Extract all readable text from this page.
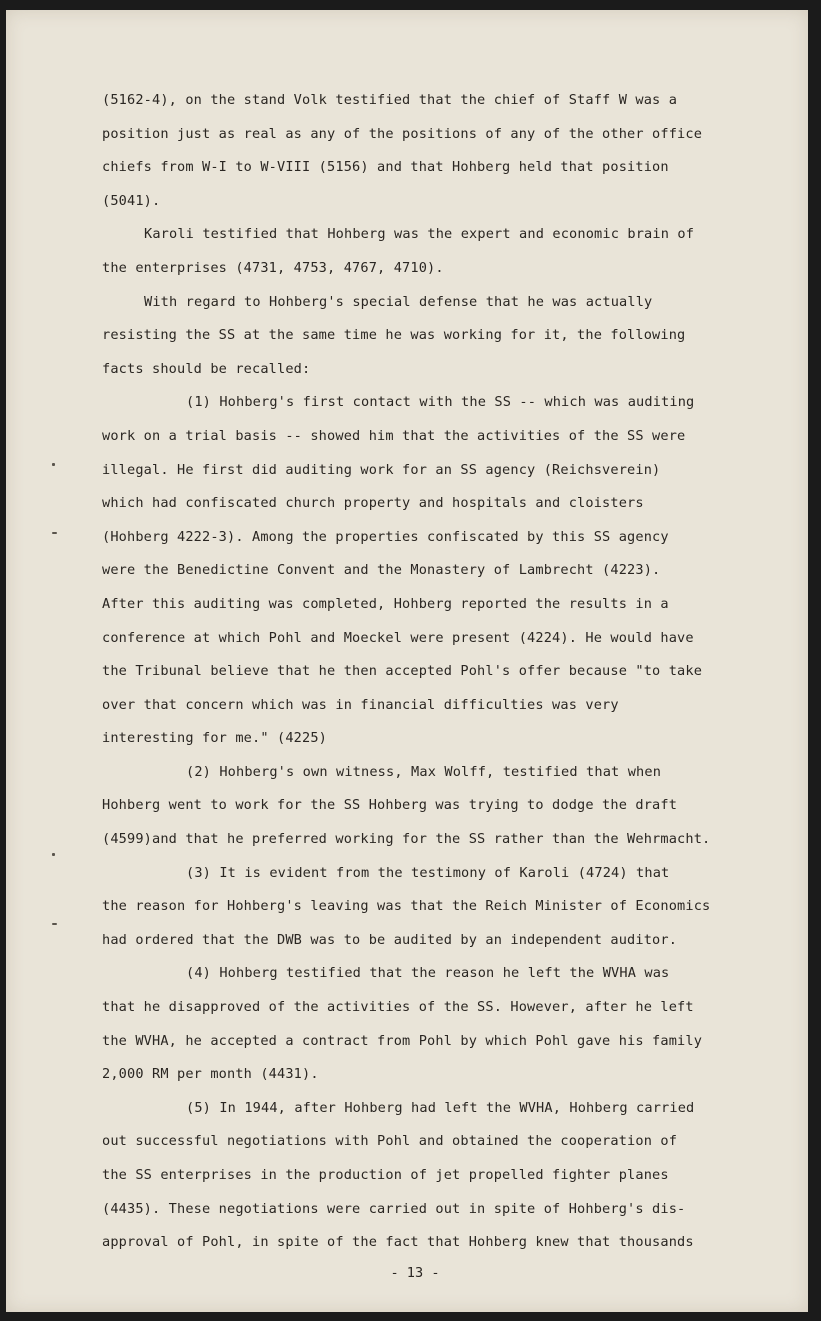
(5162-4), on the stand Volk testified that the chief of Staff W was a
position just as real as any of the positions of any of the other office
chiefs from W-I to W-VIII (5156) and that Hohberg held that position
(5041).
Karoli testified that Hohberg was the expert and economic brain of
the enterprises (4731, 4753, 4767, 4710).
With regard to Hohberg's special defense that he was actually
resisting the SS at the same time he was working for it, the following
facts should be recalled:
(1) Hohberg's first contact with the SS -- which was auditing
work on a trial basis -- showed him that the activities of the SS were
illegal. He first did auditing work for an SS agency (Reichsverein)
which had confiscated church property and hospitals and cloisters
(Hohberg 4222-3). Among the properties confiscated by this SS agency
were the Benedictine Convent and the Monastery of Lambrecht (4223).
After this auditing was completed, Hohberg reported the results in a
conference at which Pohl and Moeckel were present (4224). He would have
the Tribunal believe that he then accepted Pohl's offer because "to take
over that concern which was in financial difficulties was very
interesting for me." (4225)
(2) Hohberg's own witness, Max Wolff, testified that when
Hohberg went to work for the SS Hohberg was trying to dodge the draft
(4599)and that he preferred working for the SS rather than the Wehrmacht.
(3) It is evident from the testimony of Karoli (4724) that
the reason for Hohberg's leaving was that the Reich Minister of Economics
had ordered that the DWB was to be audited by an independent auditor.
(4) Hohberg testified that the reason he left the WVHA was
that he disapproved of the activities of the SS. However, after he left
the WVHA, he accepted a contract from Pohl by which Pohl gave his family
2,000 RM per month (4431).
(5) In 1944, after Hohberg had left the WVHA, Hohberg carried
out successful negotiations with Pohl and obtained the cooperation of
the SS enterprises in the production of jet propelled fighter planes
(4435). These negotiations were carried out in spite of Hohberg's dis-
approval of Pohl, in spite of the fact that Hohberg knew that thousands
- 13 -
